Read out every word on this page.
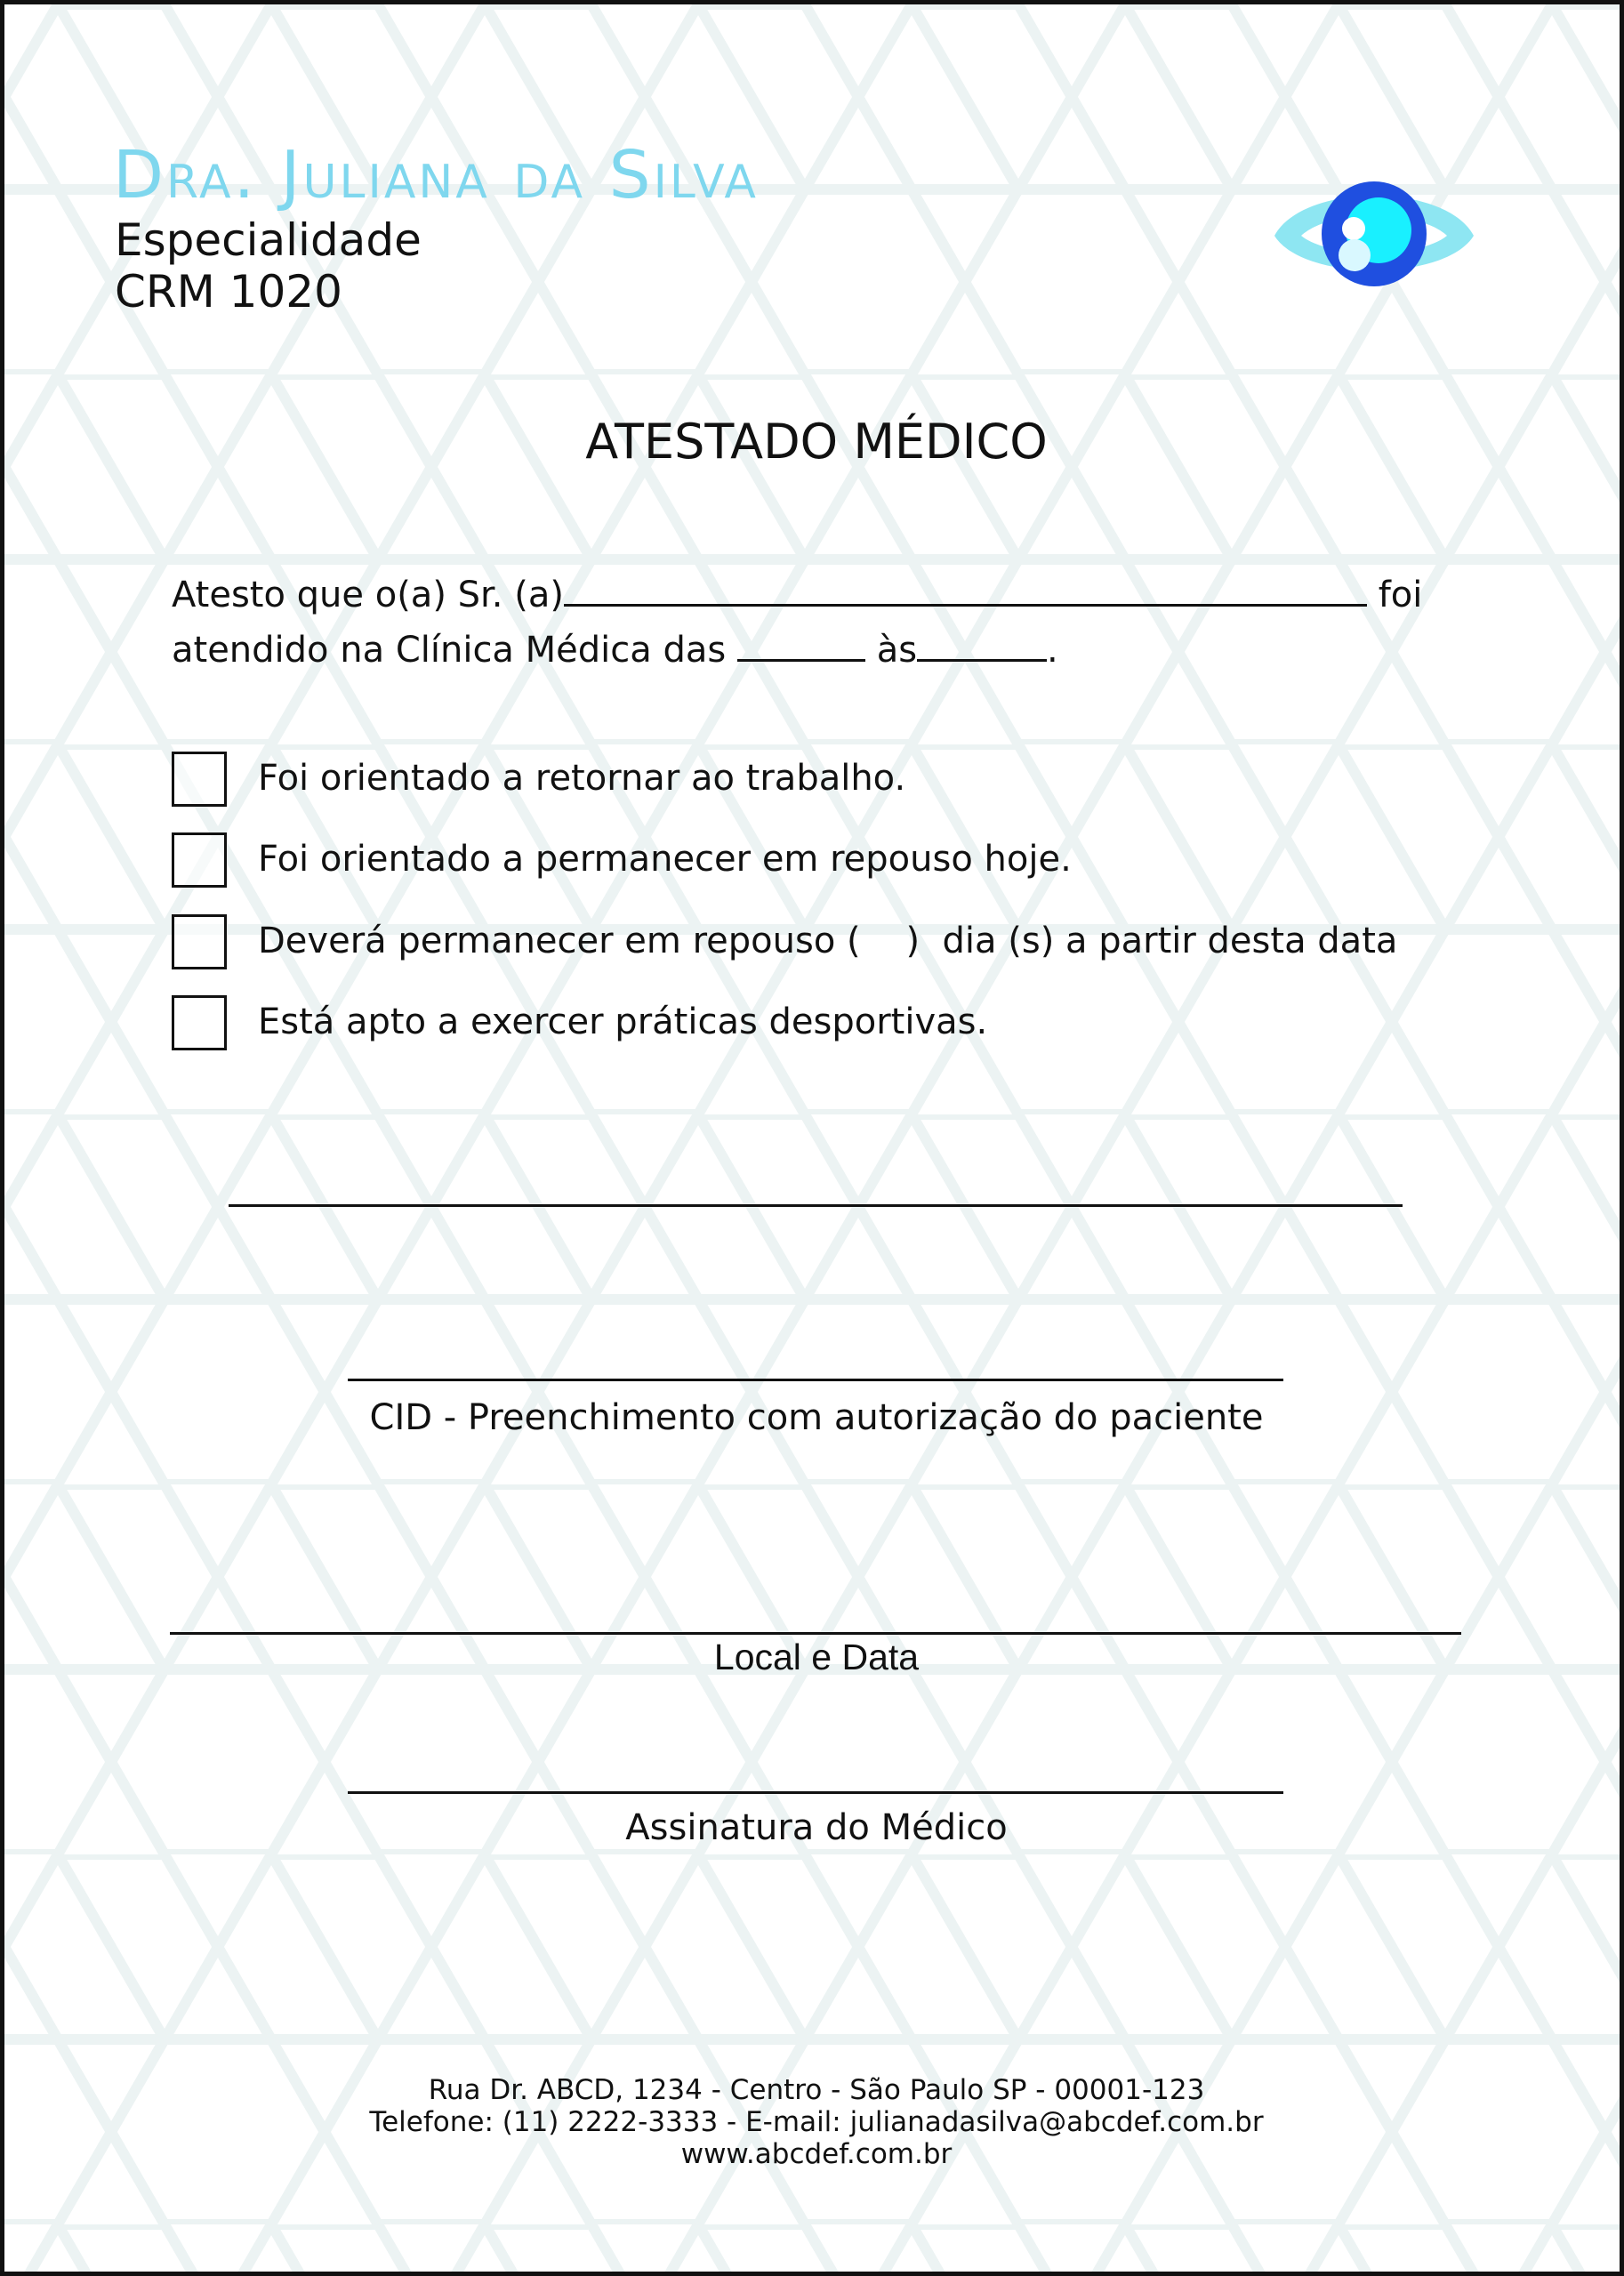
Dra. Juliana da Silva
Especialidade
CRM 1020
ATESTADO MÉDICO
Atesto que o(a) Sr. (a)	foi
atendido na Clínica Médica das	às	.
Foi orientado a retornar ao trabalho.
Foi orientado a permanecer em repouso hoje.
Deverá permanecer em repouso (    )  dia (s) a partir desta data
Está apto a exercer práticas desportivas.
CID - Preenchimento com autorização do paciente
Local e Data
Assinatura do Médico
Rua Dr. ABCD, 1234 - Centro - São Paulo SP - 00001-123
Telefone: (11) 2222-3333 - E-mail: julianadasilva@abcdef.com.br
www.abcdef.com.br
